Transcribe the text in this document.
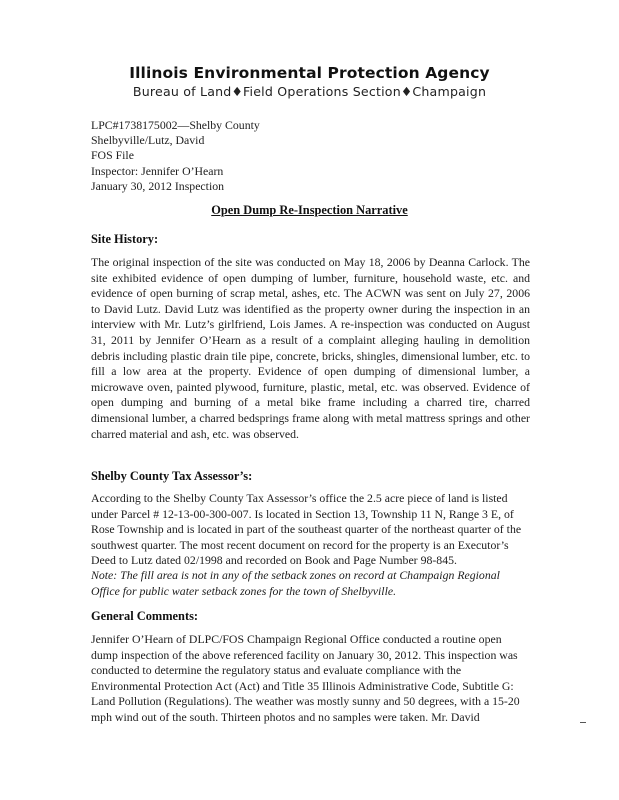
Illinois Environmental Protection Agency
Bureau of Land♦Field Operations Section♦Champaign
LPC#1738175002—Shelby County
Shelbyville/Lutz, David
FOS File
Inspector: Jennifer O’Hearn
January 30, 2012 Inspection
Open Dump Re-Inspection Narrative
Site History:
The original inspection of the site was conducted on May 18, 2006 by Deanna Carlock. The site exhibited evidence of open dumping of lumber, furniture, household waste, etc. and evidence of open burning of scrap metal, ashes, etc. The ACWN was sent on July 27, 2006 to David Lutz. David Lutz was identified as the property owner during the inspection in an interview with Mr. Lutz’s girlfriend, Lois James. A re-inspection was conducted on August 31, 2011 by Jennifer O’Hearn as a result of a complaint alleging hauling in demolition debris including plastic drain tile pipe, concrete, bricks, shingles, dimensional lumber, etc. to fill a low area at the property. Evidence of open dumping of dimensional lumber, a microwave oven, painted plywood, furniture, plastic, metal, etc. was observed. Evidence of open dumping and burning of a metal bike frame including a charred tire, charred dimensional lumber, a charred bedsprings frame along with metal mattress springs and other charred material and ash, etc. was observed.
Shelby County Tax Assessor’s:
According to the Shelby County Tax Assessor’s office the 2.5 acre piece of land is listed under Parcel # 12-13-00-300-007. Is located in Section 13, Township 11 N, Range 3 E, of Rose Township and is located in part of the southeast quarter of the northeast quarter of the southwest quarter. The most recent document on record for the property is an Executor’s Deed to Lutz dated 02/1998 and recorded on Book and Page Number 98-845.
Note: The fill area is not in any of the setback zones on record at Champaign Regional Office for public water setback zones for the town of Shelbyville.
General Comments:
Jennifer O’Hearn of DLPC/FOS Champaign Regional Office conducted a routine open dump inspection of the above referenced facility on January 30, 2012. This inspection was conducted to determine the regulatory status and evaluate compliance with the Environmental Protection Act (Act) and Title 35 Illinois Administrative Code, Subtitle G: Land Pollution (Regulations). The weather was mostly sunny and 50 degrees, with a 15-20 mph wind out of the south. Thirteen photos and no samples were taken. Mr. David
